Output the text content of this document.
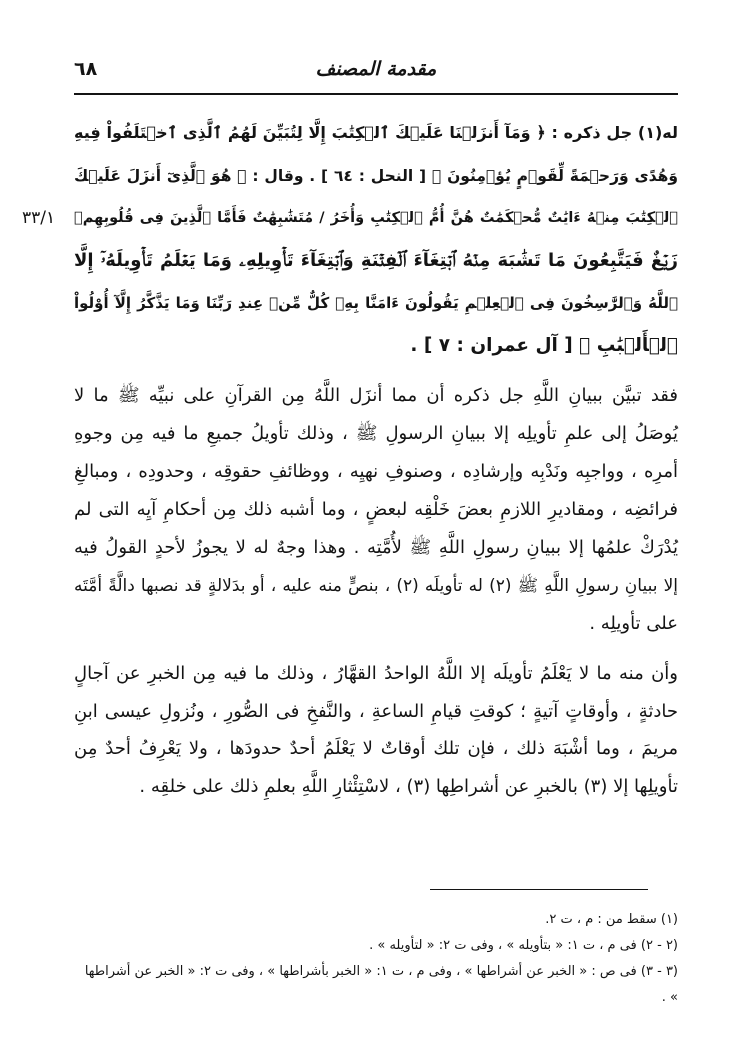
٦٨	مقدمة المصنف
٣٣/١

له(١) جل ذكره : ﴿ وَمَآ أَنزَلۡنَا عَلَيۡكَ ٱلۡكِتَٰبَ إِلَّا لِتُبَيِّنَ لَهُمُ ٱلَّذِى ٱخۡتَلَفُواْ فِيهِ
وَهُدًى وَرَحۡمَةً لِّقَوۡمٍ يُؤۡمِنُونَ ﴾ [ النحل : ٦٤ ] . وقال : ﴿ هُوَ ٱلَّذِىٓ أَنزَلَ عَلَيۡكَ
ٱلۡكِتَٰبَ مِنۡهُ ءَايَٰتٌ مُّحۡكَمَٰتٌ هُنَّ أُمُّ ٱلۡكِتَٰبِ وَأُخَرُ / مُتَشَٰبِهَٰتٌ فَأَمَّا ٱلَّذِينَ فِى قُلُوبِهِمۡ
زَيۡغٌ فَيَتَّبِعُونَ مَا تَشَٰبَهَ مِنۡهُ ٱبۡتِغَآءَ ٱلۡفِتۡنَةِ وَٱبۡتِغَآءَ تَأۡوِيلِهِۦ وَمَا يَعۡلَمُ تَأۡوِيلَهُۥٓ إِلَّا
ٱللَّهُ وَٱلرَّٰسِخُونَ فِى ٱلۡعِلۡمِ يَقُولُونَ ءَامَنَّا بِهِۦ كُلٌّ مِّنۡ عِندِ رَبِّنَا وَمَا يَذَّكَّرُ إِلَّآ أُوْلُواْ
ٱلۡأَلۡبَٰبِ ﴾ [ آل عمران : ٧ ] .

فقد تبيَّن ببيانِ اللَّهِ جل ذكره أن مما أنزَل اللَّهُ مِن القرآنِ على نبيِّه ﷺ ما لا
يُوصَلُ إلى علمِ تأويلِه إلا ببيانِ الرسولِ ﷺ ، وذلك تأويلُ جميعِ ما فيه مِن وجوهِ
أمرِه ، وواجبِه ونَدْبِه وإرشادِه ، وصنوفِ نهيِه ، ووظائفِ حقوقِه ، وحدودِه ، ومبالغِ
فرائضِه ، ومقاديرِ اللازمِ بعضَ خَلْقِه لبعضٍ ، وما أشبه ذلك مِن أحكامِ آيِه التى لم
يُدْرَكْ علمُها إلا ببيانِ رسولِ اللَّهِ ﷺ لأُمَّتِه . وهذا وجهٌ له لا يجوزُ لأحدٍ القولُ فيه
إلا ببيانِ رسولِ اللَّهِ ﷺ (٢) له تأويلَه (٢) ، بنصٍّ منه عليه ، أو بدَلالةٍ قد نصبها دالَّةً أمَّتَه
على تأويلِه .

وأن منه ما لا يَعْلَمُ تأويلَه إلا اللَّهُ الواحدُ القهَّارُ ، وذلك ما فيه مِن الخبرِ عن آجالٍ
حادثةٍ ، وأوقاتٍ آتيةٍ ؛ كوقتِ قيامِ الساعةِ ، والنَّفخِ فى الصُّورِ ، ونُزولِ عيسى ابنِ
مريمَ ، وما أشْبَهَ ذلك ، فإن تلك أوقاتٌ لا يَعْلَمُ أحدٌ حدودَها ، ولا يَعْرِفُ أحدٌ مِن
تأويلِها إلا (٣) بالخبرِ عن أشراطِها (٣) ، لاسْتِئْثارِ اللَّهِ بعلمِ ذلك على خلقِه .

(١) سقط من : م ، ت ٢.
(٢ - ٢) فى م ، ت ١: « بتأويله » ، وفى ت ٢: « لتأويله » .
(٣ - ٣) فى ص : « الخبر عن أشراطها » ، وفى م ، ت ١: « الخبر بأشراطها » ، وفى ت ٢: « الخبر عن أشراطها » .
